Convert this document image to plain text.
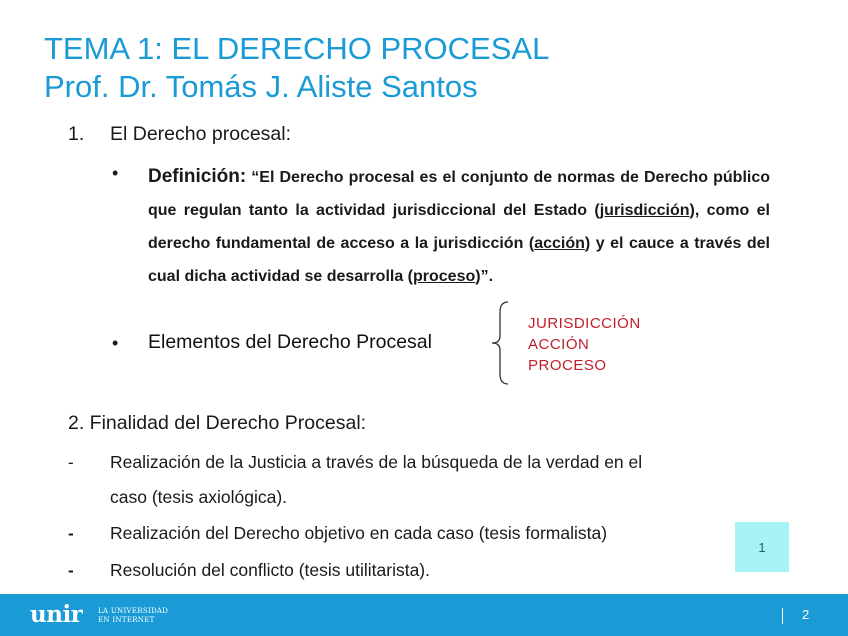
TEMA 1: EL DERECHO PROCESAL
Prof. Dr. Tomás J. Aliste Santos
1. El Derecho procesal:
• Definición: “El Derecho procesal es el conjunto de normas de Derecho público que regulan tanto la actividad jurisdiccional del Estado (jurisdicción), como el derecho fundamental de acceso a la jurisdicción (acción) y el cauce a través del cual dicha actividad se desarrolla (proceso)”.
• Elementos del Derecho Procesal
JURISDICCIÓN
ACCIÓN
PROCESO
2. Finalidad del Derecho Procesal:
- Realización de la Justicia a través de la búsqueda de la verdad en el
caso (tesis axiológica).
- Realización del Derecho objetivo en cada caso (tesis formalista)
- Resolución del conflicto (tesis utilitarista).
1
unir LA UNIVERSIDAD
EN INTERNET	2
